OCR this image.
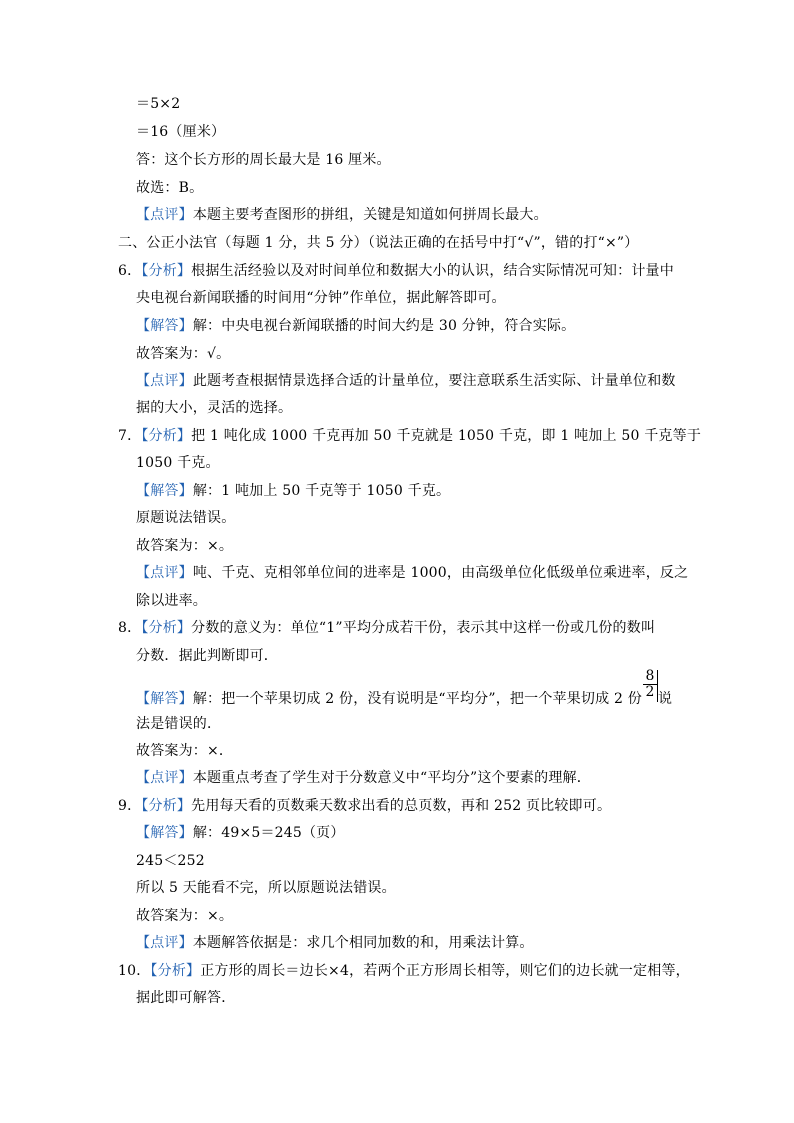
＝5×2
＝16（厘米）
答：这个长方形的周长最大是 16 厘米。
故选：B。
【点评】本题主要考查图形的拼组，关键是知道如何拼周长最大。
二、公正小法官（每题 1 分，共 5 分）（说法正确的在括号中打“√”，错的打“×”）
6．【分析】根据生活经验以及对时间单位和数据大小的认识，结合实际情况可知：计量中
央电视台新闻联播的时间用“分钟”作单位，据此解答即可。
【解答】解：中央电视台新闻联播的时间大约是 30 分钟，符合实际。
故答案为：√。
【点评】此题考查根据情景选择合适的计量单位，要注意联系生活实际、计量单位和数
据的大小，灵活的选择。
7．【分析】把 1 吨化成 1000 千克再加 50 千克就是 1050 千克，即 1 吨加上 50 千克等于
1050 千克。
【解答】解：1 吨加上 50 千克等于 1050 千克。
原题说法错误。
故答案为：×。
【点评】吨、千克、克相邻单位间的进率是 1000，由高级单位化低级单位乘进率，反之
除以进率。
8．【分析】分数的意义为：单位“1”平均分成若干份，表示其中这样一份或几份的数叫
分数．据此判断即可．
$\frac{8}{2}$
【解答】解：把一个苹果切成 2 份，没有说明是“平均分”，把一个苹果切成 2 份 说
法是错误的．
故答案为：×．
【点评】本题重点考查了学生对于分数意义中“平均分”这个要素的理解．
9．【分析】先用每天看的页数乘天数求出看的总页数，再和 252 页比较即可。
【解答】解：49×5＝245（页）
245＜252
所以 5 天能看不完，所以原题说法错误。
故答案为：×。
【点评】本题解答依据是：求几个相同加数的和，用乘法计算。
10．【分析】正方形的周长＝边长×4，若两个正方形周长相等，则它们的边长就一定相等，
据此即可解答．
